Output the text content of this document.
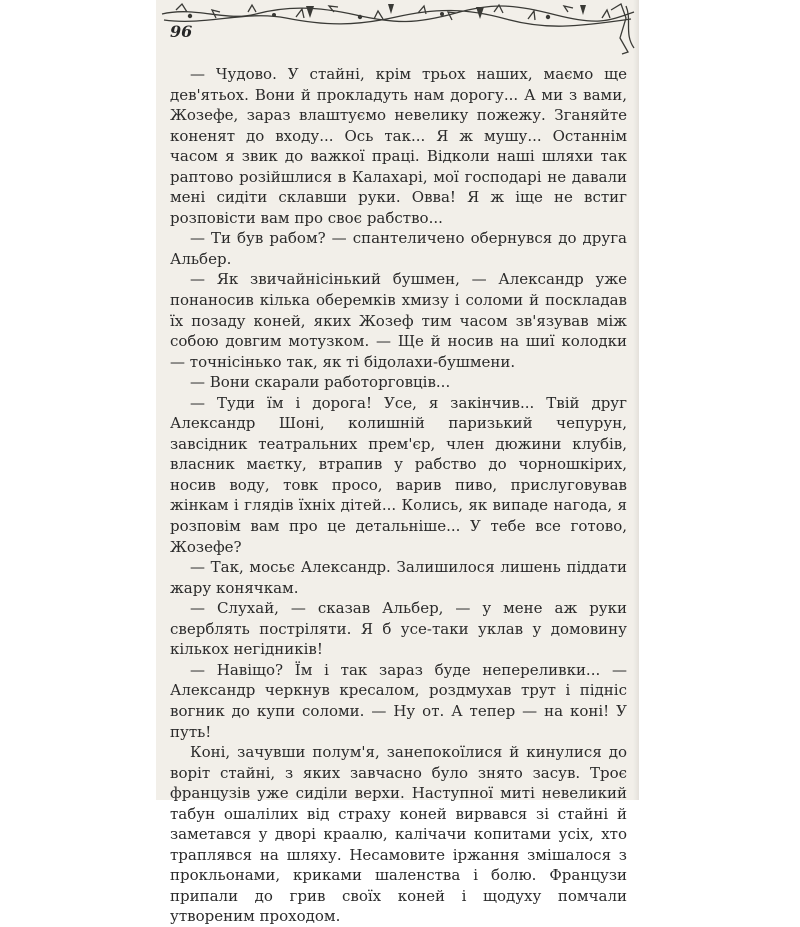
96

— Чудово. У стайні, крім трьох наших, маємо ще дев'ятьох. Вони й прокладуть нам дорогу... А ми з вами, Жозефе, зараз влаштуємо невелику пожежу. Зганяйте коненят до входу... Ось так... Я ж мушу... Останнім часом я звик до важкої праці. Відколи наші шляхи так раптово розійшлися в Калахарі, мої господарі не давали мені сидіти склавши руки. Овва! Я ж іще не встиг розповісти вам про своє рабство...

— Ти був рабом? — спантеличено обернувся до друга Альбер.

— Як звичайнісінький бушмен, — Александр уже понаносив кілька оберемків хмизу і соломи й поскладав їх позаду коней, яких Жозеф тим часом зв'язував між собою довгим мотузком. — Ще й носив на шиї колодки — точнісінько так, як ті бідолахи-бушмени.

— Вони скарали работорговців...

— Туди їм і дорога! Усе, я закінчив... Твій друг Александр Шоні, колишній паризький чепурун, завсідник театральних прем'єр, член дюжини клубів, власник маєтку, втрапив у рабство до чорношкірих, носив воду, товк просо, варив пиво, прислуговував жінкам і глядів їхніх дітей... Колись, як випаде нагода, я розповім вам про це детальніше... У тебе все готово, Жозефе?

— Так, мосьє Александр. Залишилося лишень піддати жару конячкам.

— Слухай, — сказав Альбер, — у мене аж руки сверблять постріляти. Я б усе-таки уклав у домовину кількох негідників!

— Навіщо? Їм і так зараз буде непереливки... — Александр черкнув кресалом, роздмухав трут і підніс вогник до купи соломи. — Ну от. А тепер — на коні! У путь!

Коні, зачувши полум'я, занепокоїлися й кинулися до воріт стайні, з яких завчасно було знято засув. Троє французів уже сиділи верхи. Наступної миті невеликий табун ошалілих від страху коней вирвався зі стайні й заметався у дворі краалю, калічачи копитами усіх, хто траплявся на шляху. Несамовите іржання змішалося з прокльонами, криками шаленства і болю. Французи припали до грив своїх коней і щодуху помчали утвореним проходом.
